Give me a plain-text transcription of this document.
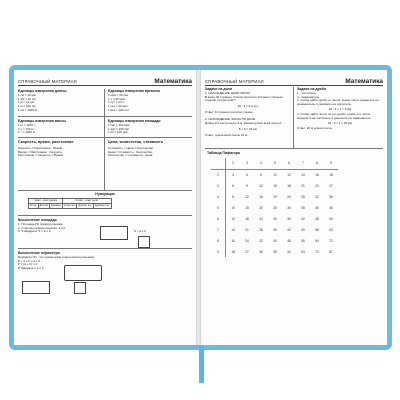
СПРАВОЧНЫЙ МАТЕРИАЛ	Математика
Единицы измерения длины
1 см = 10 мм
1 дм = 10 см
1 м = 10 дм
1 м = 100 см
1 км = 1000 м
Единицы измерения времени
1 мин = 60 сек
1 ч = 60 мин
1 сут = 24 ч
1 год = 12 мес
1 век = 100 лет
Единицы измерения массы
1 кг = 1000 г
1 ц = 100 кг
1 т = 1000 кг
Единицы измерения площади
1 см² = 100 мм²
1 дм² = 100 см²
1 м² = 100 дм²
Скорость, время, расстояние
Скорость = Расстояние : Время
Время = Расстояние : Скорость
Расстояние = Скорость × Время
Цена, количество, стоимость
Стоимость = Цена × Количество
Цена = Стоимость : Количество
Количество = Стоимость : Цена
Нумерация
I класс - класс единиц			II класс - класс тысяч		
Сотни	Десятки	Единицы	Сотни тыс.	Десятки тыс.	Единицы тыс.
Вычисление площади
1. Площадь (S) прямоугольника
2. Стороны прямоугольника: a и b
3. S квадрата: S = a × a	S = a × b
Вычисление периметра
Периметр (P) - это сумма длин сторон многоугольника
P = a + b + a + b
P = (a + b) × 2
P квадрата = a × 4
СПРАВОЧНЫЙ МАТЕРИАЛ	Математика
Задачи на доли
1. НАХОЖДЕНИЕ ДОЛИ ЧИСЛА
В книге 36 страниц. Ученик прочитал 1/4 книги. Сколько страниц он прочитал?
36 : 4 = 9 (стр.)
Ответ: 9 страниц прочитал ученик.
2. НАХОЖДЕНИЕ ЧИСЛА ПО ДОЛЕ
Длина 1/3 части ленты 8 м. Какова длина всей ленты?
8 × 3 = 24 (м)
Ответ: длина всей ленты 24 м.
Задачи на дроби
1 - числитель
4 - знаменатель
1. Чтобы найти дробь от числа, нужно число разделить на знаменатель и умножить на числитель.
20 : 4 × 1 = 5 (м)
2. Чтобы найти число по его дроби, нужно это число разделить на числитель и умножить на знаменатель.
15 : 3 × 4 = 20 (м)
Ответ: 20 м длина ленты
Таблица Пифагора
	2	3	4	5	6	7	8	9
2	4	6	8	10	12	14	16	18
3	6	9	12	15	18	21	24	27
4	8	12	16	20	24	28	32	36
5	10	15	20	25	30	35	40	45
6	12	18	24	30	36	42	48	54
7	14	21	28	35	42	49	56	63
8	16	24	32	40	48	56	64	72
9	18	27	36	45	54	63	72	81
